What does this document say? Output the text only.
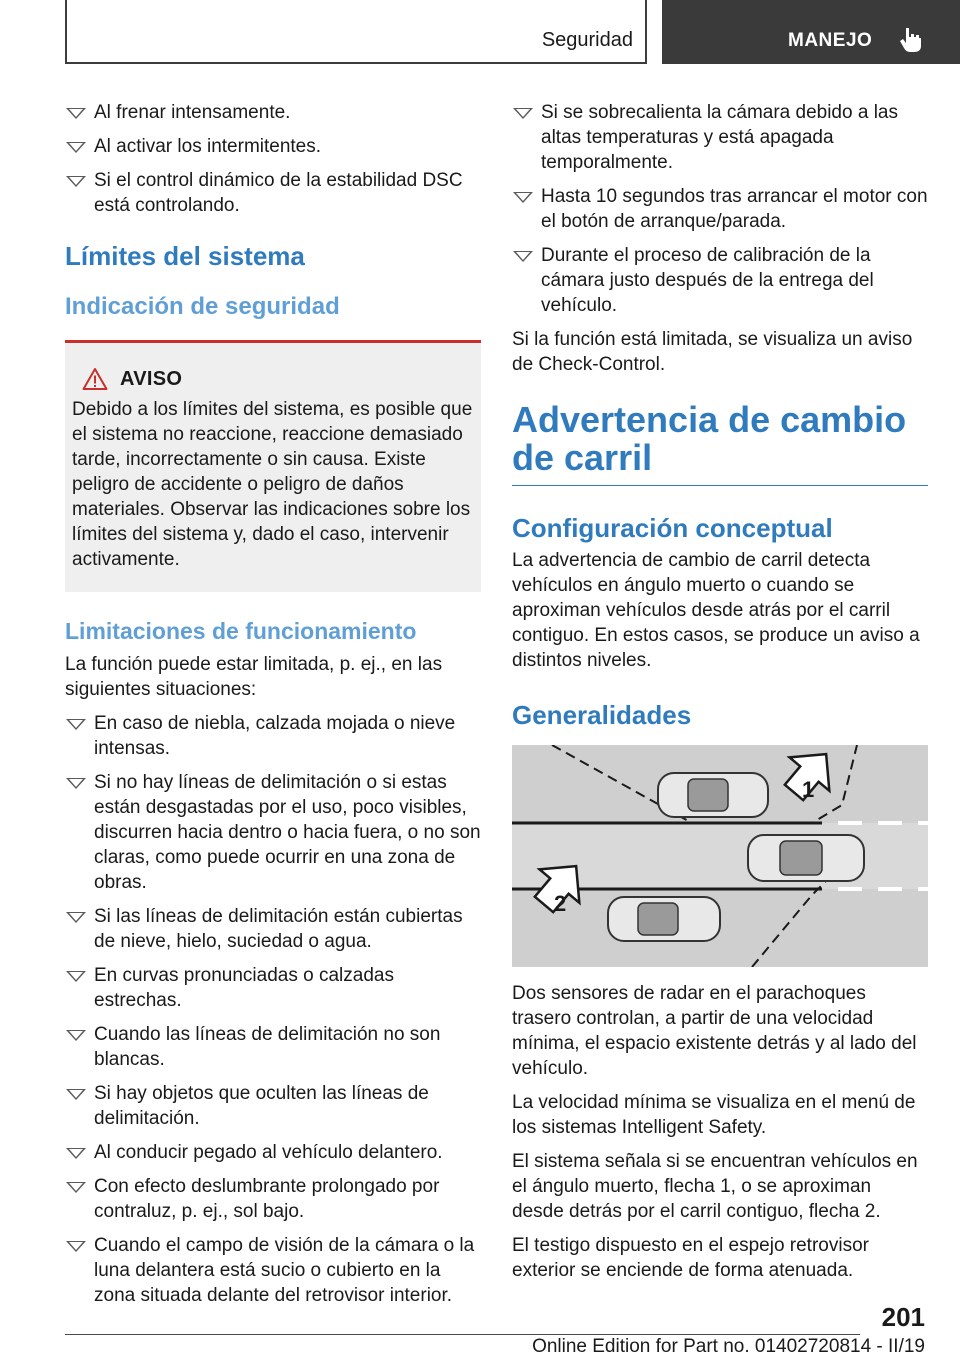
Seguridad	MANEJO
Al frenar intensamente.
Al activar los intermitentes.
Si el control dinámico de la estabilidad DSC está controlando.
Límites del sistema
Indicación de seguridad
AVISO
Debido a los límites del sistema, es posible que el sistema no reaccione, reaccione demasiado tarde, incorrectamente o sin causa. Existe peligro de accidente o peligro de daños materiales. Observar las indicaciones sobre los límites del sistema y, dado el caso, intervenir activamente.
Limitaciones de funcionamiento

La función puede estar limitada, p. ej., en las siguientes situaciones:

En caso de niebla, calzada mojada o nieve intensas.
Si no hay líneas de delimitación o si estas están desgastadas por el uso, poco visibles, discurren hacia dentro o hacia fuera, o no son claras, como puede ocurrir en una zona de obras.
Si las líneas de delimitación están cubiertas de nieve, hielo, suciedad o agua.
En curvas pronunciadas o calzadas estrechas.
Cuando las líneas de delimitación no son blancas.
Si hay objetos que oculten las líneas de delimitación.
Al conducir pegado al vehículo delantero.
Con efecto deslumbrante prolongado por contraluz, p. ej., sol bajo.
Cuando el campo de visión de la cámara o la luna delantera está sucio o cubierto en la zona situada delante del retrovisor interior.
Si se sobrecalienta la cámara debido a las altas temperaturas y está apagada temporalmente.
Hasta 10 segundos tras arrancar el motor con el botón de arranque/parada.
Durante el proceso de calibración de la cámara justo después de la entrega del vehículo.

Si la función está limitada, se visualiza un aviso de Check-Control.

Advertencia de cambio de carril
Configuración conceptual

La advertencia de cambio de carril detecta vehículos en ángulo muerto o cuando se aproximan vehículos desde atrás por el carril contiguo. En estos casos, se produce un aviso a distintos niveles.

Generalidades
1
2

Dos sensores de radar en el parachoques trasero controlan, a partir de una velocidad mínima, el espacio existente detrás y al lado del vehículo.

La velocidad mínima se visualiza en el menú de los sistemas Intelligent Safety.

El sistema señala si se encuentran vehículos en el ángulo muerto, flecha 1, o se aproximan desde detrás por el carril contiguo, flecha 2.

El testigo dispuesto en el espejo retrovisor exterior se enciende de forma atenuada.

201
Online Edition for Part no. 01402720814 - II/19
